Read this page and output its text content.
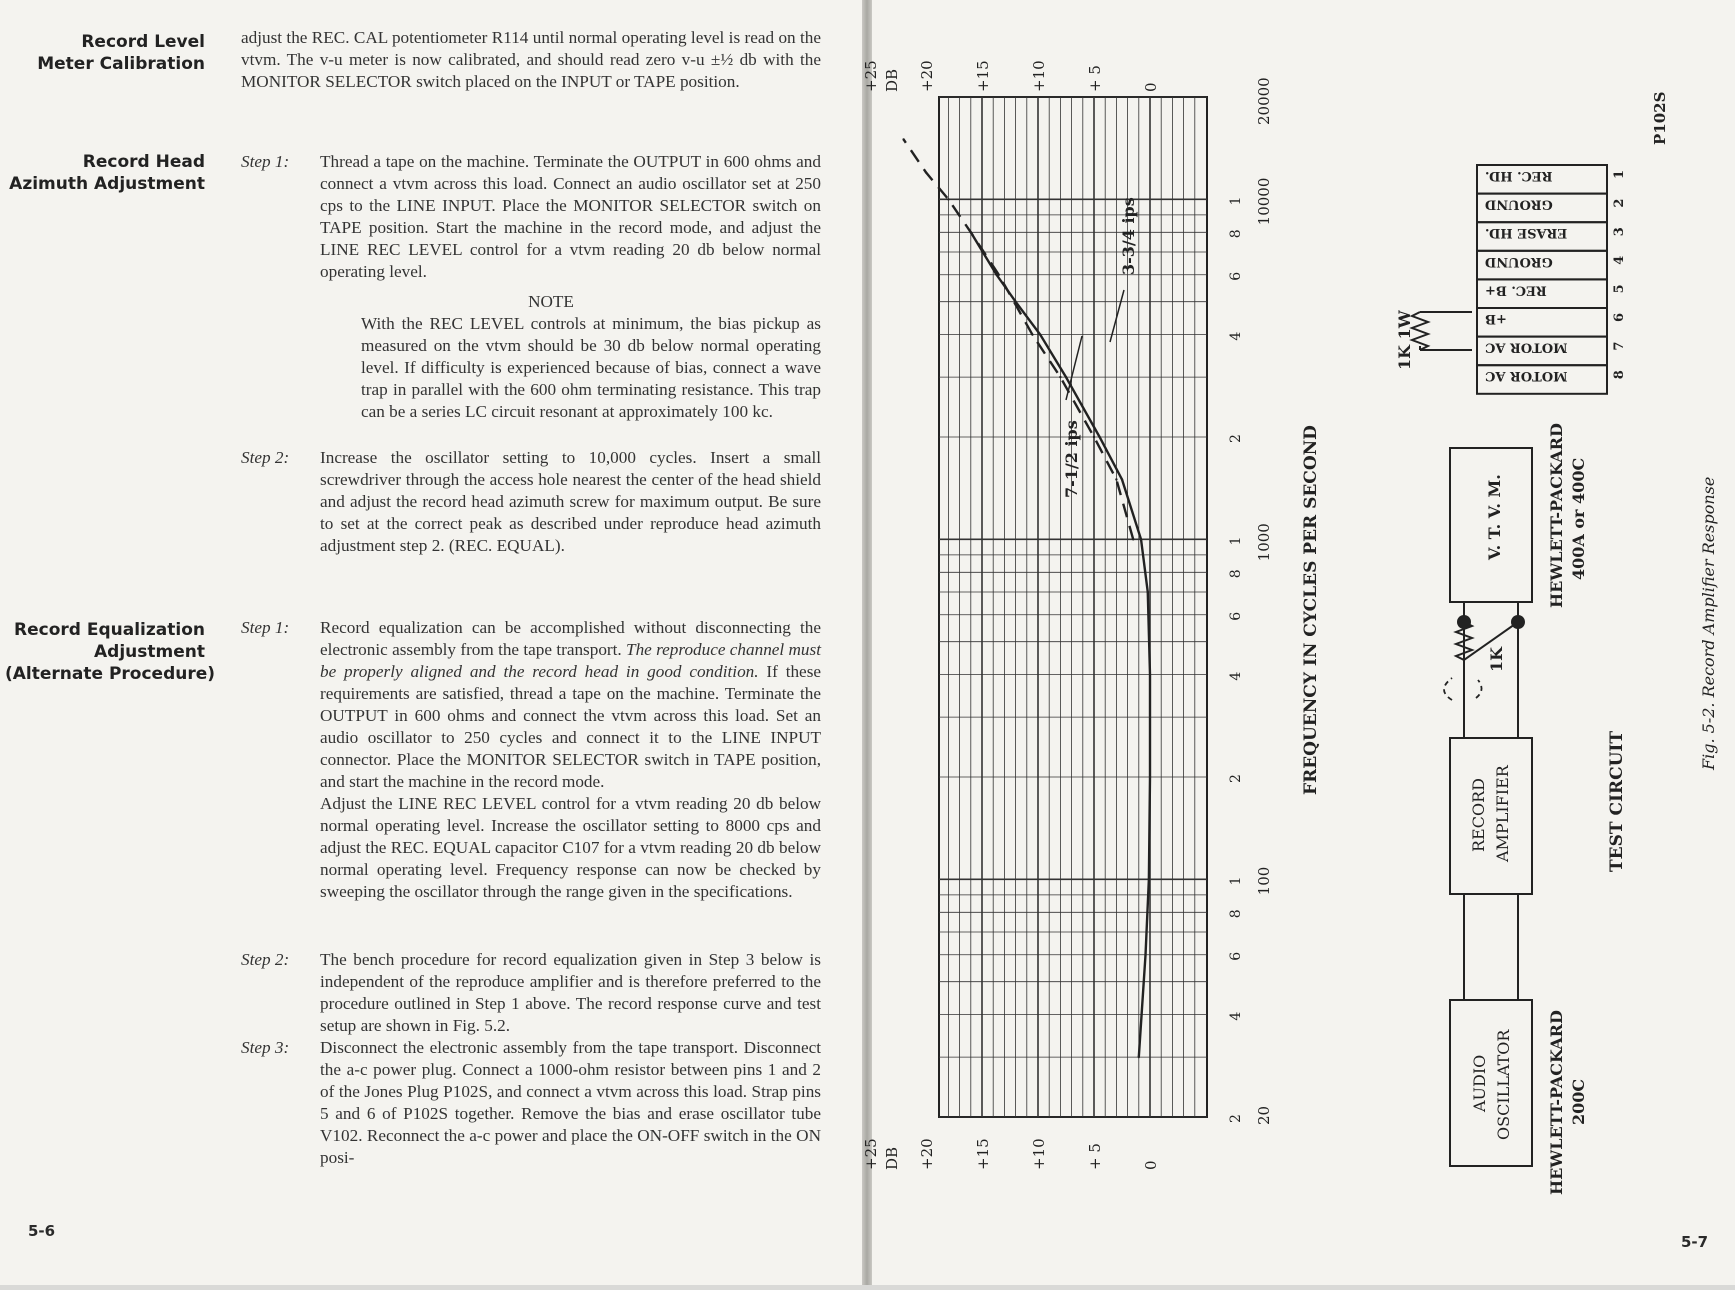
Record Level
Meter Calibration
adjust the REC. CAL potentiometer R114 until normal operating level is read on the vtvm. The v-u meter is now calibrated, and should read zero v-u ±½ db with the MONITOR SELECTOR switch placed on the INPUT or TAPE position.
Record Head
Azimuth Adjustment
Step 1:	Thread a tape on the machine. Terminate the OUTPUT in 600 ohms and connect a vtvm across this load. Connect an audio oscillator set at 250 cps to the LINE INPUT. Place the MONITOR SELECTOR switch on TAPE position. Start the machine in the record mode, and adjust the LINE REC LEVEL control for a vtvm reading 20 db below normal operating level.
NOTE
With the REC LEVEL controls at minimum, the bias pickup as measured on the vtvm should be 30 db below normal operating level. If difficulty is experienced because of bias, connect a wave trap in parallel with the 600 ohm terminating resistance. This trap can be a series LC circuit resonant at approximately 100 kc.
Step 2:	Increase the oscillator setting to 10,000 cycles. Insert a small screwdriver through the access hole nearest the center of the head shield and adjust the record head azimuth screw for maximum output. Be sure to set at the correct peak as described under reproduce head azimuth adjustment step 2. (REC. EQUAL).
Record Equalization
Adjustment
(Alternate Procedure)
Step 1:	Record equalization can be accomplished without disconnecting the electronic assembly from the tape transport. The reproduce channel must be properly aligned and the record head in good condition. If these requirements are satisfied, thread a tape on the machine. Terminate the OUTPUT in 600 ohms and connect the vtvm across this load. Set an audio oscillator to 250 cycles and connect it to the LINE INPUT connector. Place the MONITOR SELECTOR switch in TAPE position, and start the machine in the record mode.
Adjust the LINE REC LEVEL control for a vtvm reading 20 db below normal operating level. Increase the oscillator setting to 8000 cps and adjust the REC. EQUAL capacitor C107 for a vtvm reading 20 db below normal operating level. Frequency response can now be checked by sweeping the oscillator through the range given in the specifications.
Step 2:	The bench procedure for record equalization given in Step 3 below is independent of the reproduce amplifier and is therefore preferred to the procedure outlined in Step 1 above. The record response curve and test setup are shown in Fig. 5.2.
Step 3:	Disconnect the electronic assembly from the tape transport. Disconnect the a-c power plug. Connect a 1000-ohm resistor between pins 1 and 2 of the Jones Plug P102S, and connect a vtvm across this load. Strap pins 5 and 6 of P102S together. Remove the bias and erase oscillator tube V102. Reconnect the a-c power and place the ON-OFF switch in the ON posi-
5-6
+25
+25
+20
+20
+15
+15
+10
+10
+ 5
+ 5
0
0
DB
DB
4
6
8
2
4
6
8
2
4
6
8
2
1
1
1
20
100
1000
10000
20000
FREQUENCY IN CYCLES PER SECOND
3-3/4 ips
7-1/2 ips
AUDIO OSCILLATOR
RECORD AMPLIFIER
HEWLETT-PACKARD 200C
V. T. V. M.	HEWLETT-PACKARD 400A or 400C
1K
TEST CIRCUIT
1K 1W
REC. HD.	1
GROUND	2
ERASE HD.	3
GROUND	4
REC. B+	5
+B	6
MOTOR AC	7
MOTOR AC	8
P102S
Fig. 5-2. Record Amplifier Response
5-7
